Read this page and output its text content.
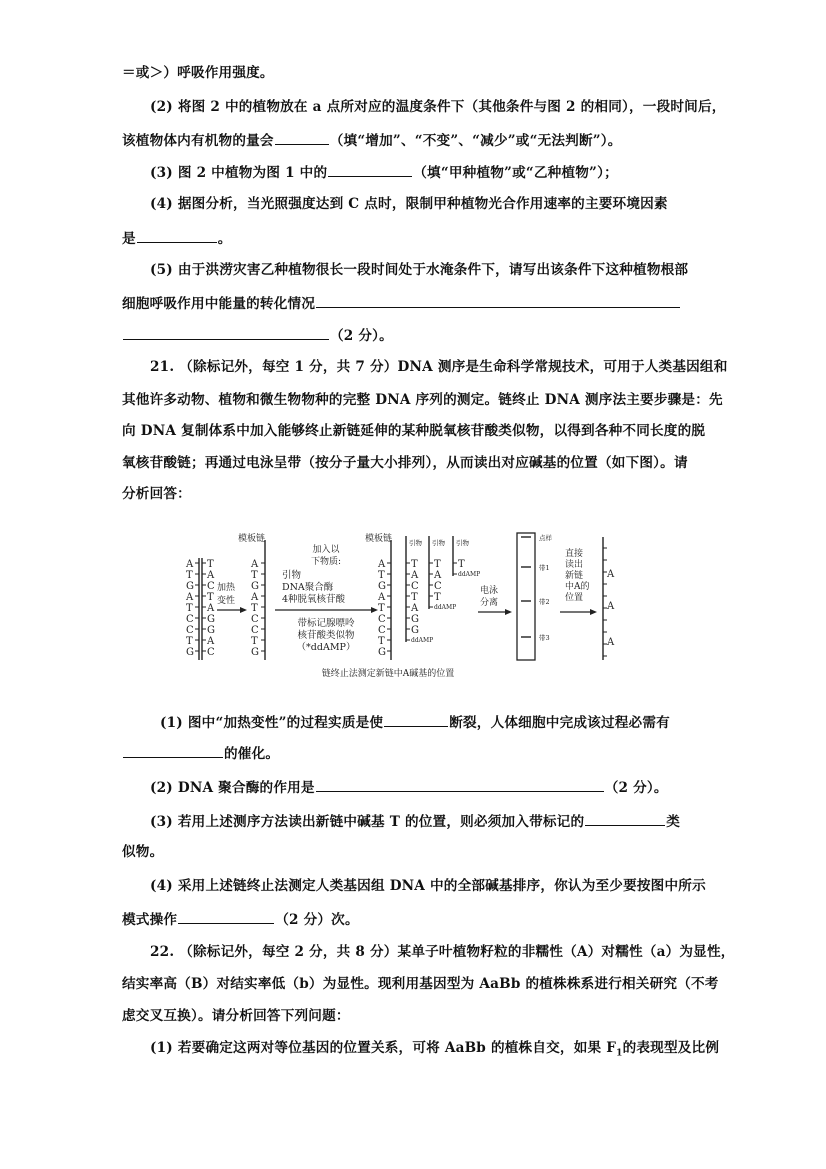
＝或＞）呼吸作用强度。
(2) 将图 2 中的植物放在 a 点所对应的温度条件下（其他条件与图 2 的相同），一段时间后，
该植物体内有机物的量会	（填“增加”、“不变”、“减少”或“无法判断”）。
(3) 图 2 中植物为图 1 中的	（填“甲种植物”或“乙种植物”）；
(4) 据图分析，当光照强度达到 C 点时，限制甲种植物光合作用速率的主要环境因素
是	。
(5) 由于洪涝灾害乙种植物很长一段时间处于水淹条件下，请写出该条件下这种植物根部
细胞呼吸作用中能量的转化情况
（2 分）。
21. （除标记外，每空 1 分，共 7 分）DNA 测序是生命科学常规技术，可用于人类基因组和
其他许多动物、植物和微生物物种的完整 DNA 序列的测定。链终止 DNA 测序法主要步骤是：先
向 DNA 复制体系中加入能够终止新链延伸的某种脱氧核苷酸类似物，以得到各种不同长度的脱
氧核苷酸链；再通过电泳呈带（按分子量大小排列），从而读出对应碱基的位置（如下图）。请
分析回答：
A
T
G
A
T
C
C
T
G
T
A
C
T
A
G
G
A
C
加热
变性
模板链
A
T
G
A
T
C
C
T
G
加入以
下物质:
引物
DNA聚合酶
4种脱氧核苷酸
带标记腺嘌呤
核苷酸类似物
（*ddAMP）
模板链
A
T
G
A
T
C
C
T
G
引物
T
A
C
T
A
G
G
ddAMP
引物
T
A
C
T
ddAMP
引物
T
ddAMP
电泳
分离
点样
带1
带2
带3
直接
读出
新链
中A的
位置
A
A
A
链终止法测定新链中A碱基的位置
(1) 图中“加热变性”的过程实质是使	断裂，人体细胞中完成该过程必需有
的催化。
(2) DNA 聚合酶的作用是	（2 分）。
(3) 若用上述测序方法读出新链中碱基 T 的位置，则必须加入带标记的	类
似物。
(4) 采用上述链终止法测定人类基因组 DNA 中的全部碱基排序，你认为至少要按图中所示
模式操作	（2 分）次。
22. （除标记外，每空 2 分，共 8 分）某单子叶植物籽粒的非糯性（A）对糯性（a）为显性，
结实率高（B）对结实率低（b）为显性。现利用基因型为 AaBb 的植株株系进行相关研究（不考
虑交叉互换）。请分析回答下列问题：
(1) 若要确定这两对等位基因的位置关系，可将 AaBb 的植株自交，如果 $F_1$的表现型及比例
